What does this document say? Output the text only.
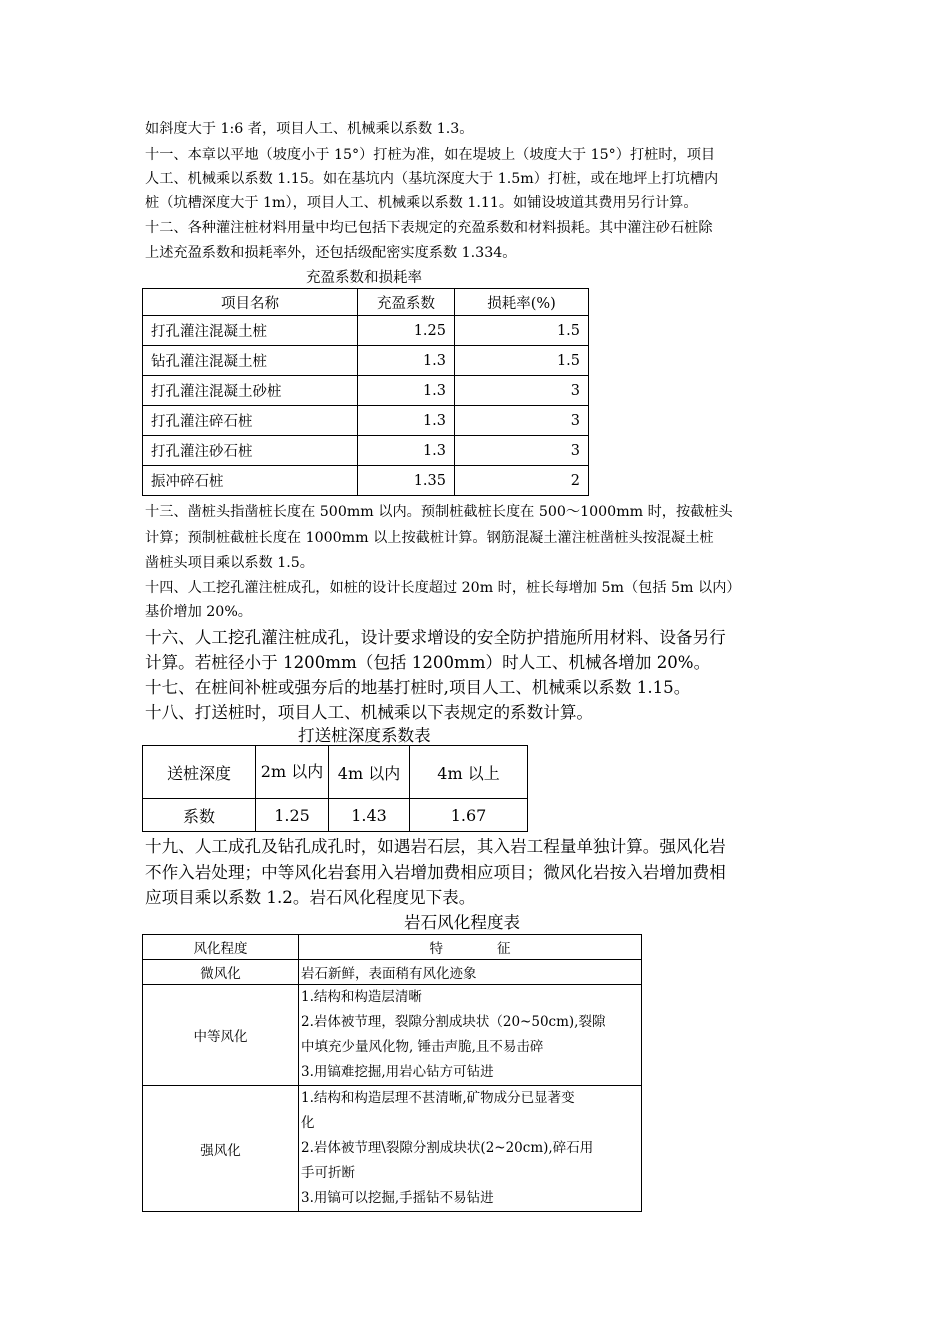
如斜度大于 1:6 者，项目人工、机械乘以系数 1.3。
十一、本章以平地（坡度小于 15°）打桩为准，如在堤坡上（坡度大于 15°）打桩时，项目
人工、机械乘以系数 1.15。如在基坑内（基坑深度大于 1.5m）打桩，或在地坪上打坑槽内
桩（坑槽深度大于 1m），项目人工、机械乘以系数 1.11。如铺设坡道其费用另行计算。
十二、各种灌注桩材料用量中均已包括下表规定的充盈系数和材料损耗。其中灌注砂石桩除
上述充盈系数和损耗率外，还包括级配密实度系数 1.334。
充盈系数和损耗率
项目名称	充盈系数	损耗率(%)
打孔灌注混凝土桩	1.25	1.5
钻孔灌注混凝土桩	1.3	1.5
打孔灌注混凝土砂桩	1.3	3
打孔灌注碎石桩	1.3	3
打孔灌注砂石桩	1.3	3
振冲碎石桩	1.35	2
十三、凿桩头指凿桩长度在 500mm 以内。预制桩截桩长度在 500～1000mm 时，按截桩头
计算；预制桩截桩长度在 1000mm 以上按截桩计算。钢筋混凝土灌注桩凿桩头按混凝土桩
凿桩头项目乘以系数 1.5。
十四、人工挖孔灌注桩成孔，如桩的设计长度超过 20m 时，桩长每增加 5m（包括 5m 以内）
基价增加 20%。
十六、人工挖孔灌注桩成孔，设计要求增设的安全防护措施所用材料、设备另行
计算。若桩径小于 1200mm（包括 1200mm）时人工、机械各增加 20%。
十七、在桩间补桩或强夯后的地基打桩时,项目人工、机械乘以系数 1.15。
十八、打送桩时，项目人工、机械乘以下表规定的系数计算。
打送桩深度系数表
送桩深度	2m 以内	4m 以内	4m 以上
系数	1.25	1.43	1.67
十九、人工成孔及钻孔成孔时，如遇岩石层，其入岩工程量单独计算。强风化岩
不作入岩处理；中等风化岩套用入岩增加费相应项目；微风化岩按入岩增加费相
应项目乘以系数 1.2。岩石风化程度见下表。
岩石风化程度表
风化程度	特　　　　征
微风化	岩石新鲜，表面稍有风化迹象
中等风化	1.结构和构造层清晰

2.岩体被节理，裂隙分割成块状（20~50cm),裂隙

中填充少量风化物, 锤击声脆,且不易击碎

3.用镐难挖掘,用岩心钻方可钻进

强风化	1.结构和构造层理不甚清晰,矿物成分已显著变

化

2.岩体被节理\裂隙分割成块状(2~20cm),碎石用

手可折断

3.用镐可以挖掘,手摇钻不易钻进
